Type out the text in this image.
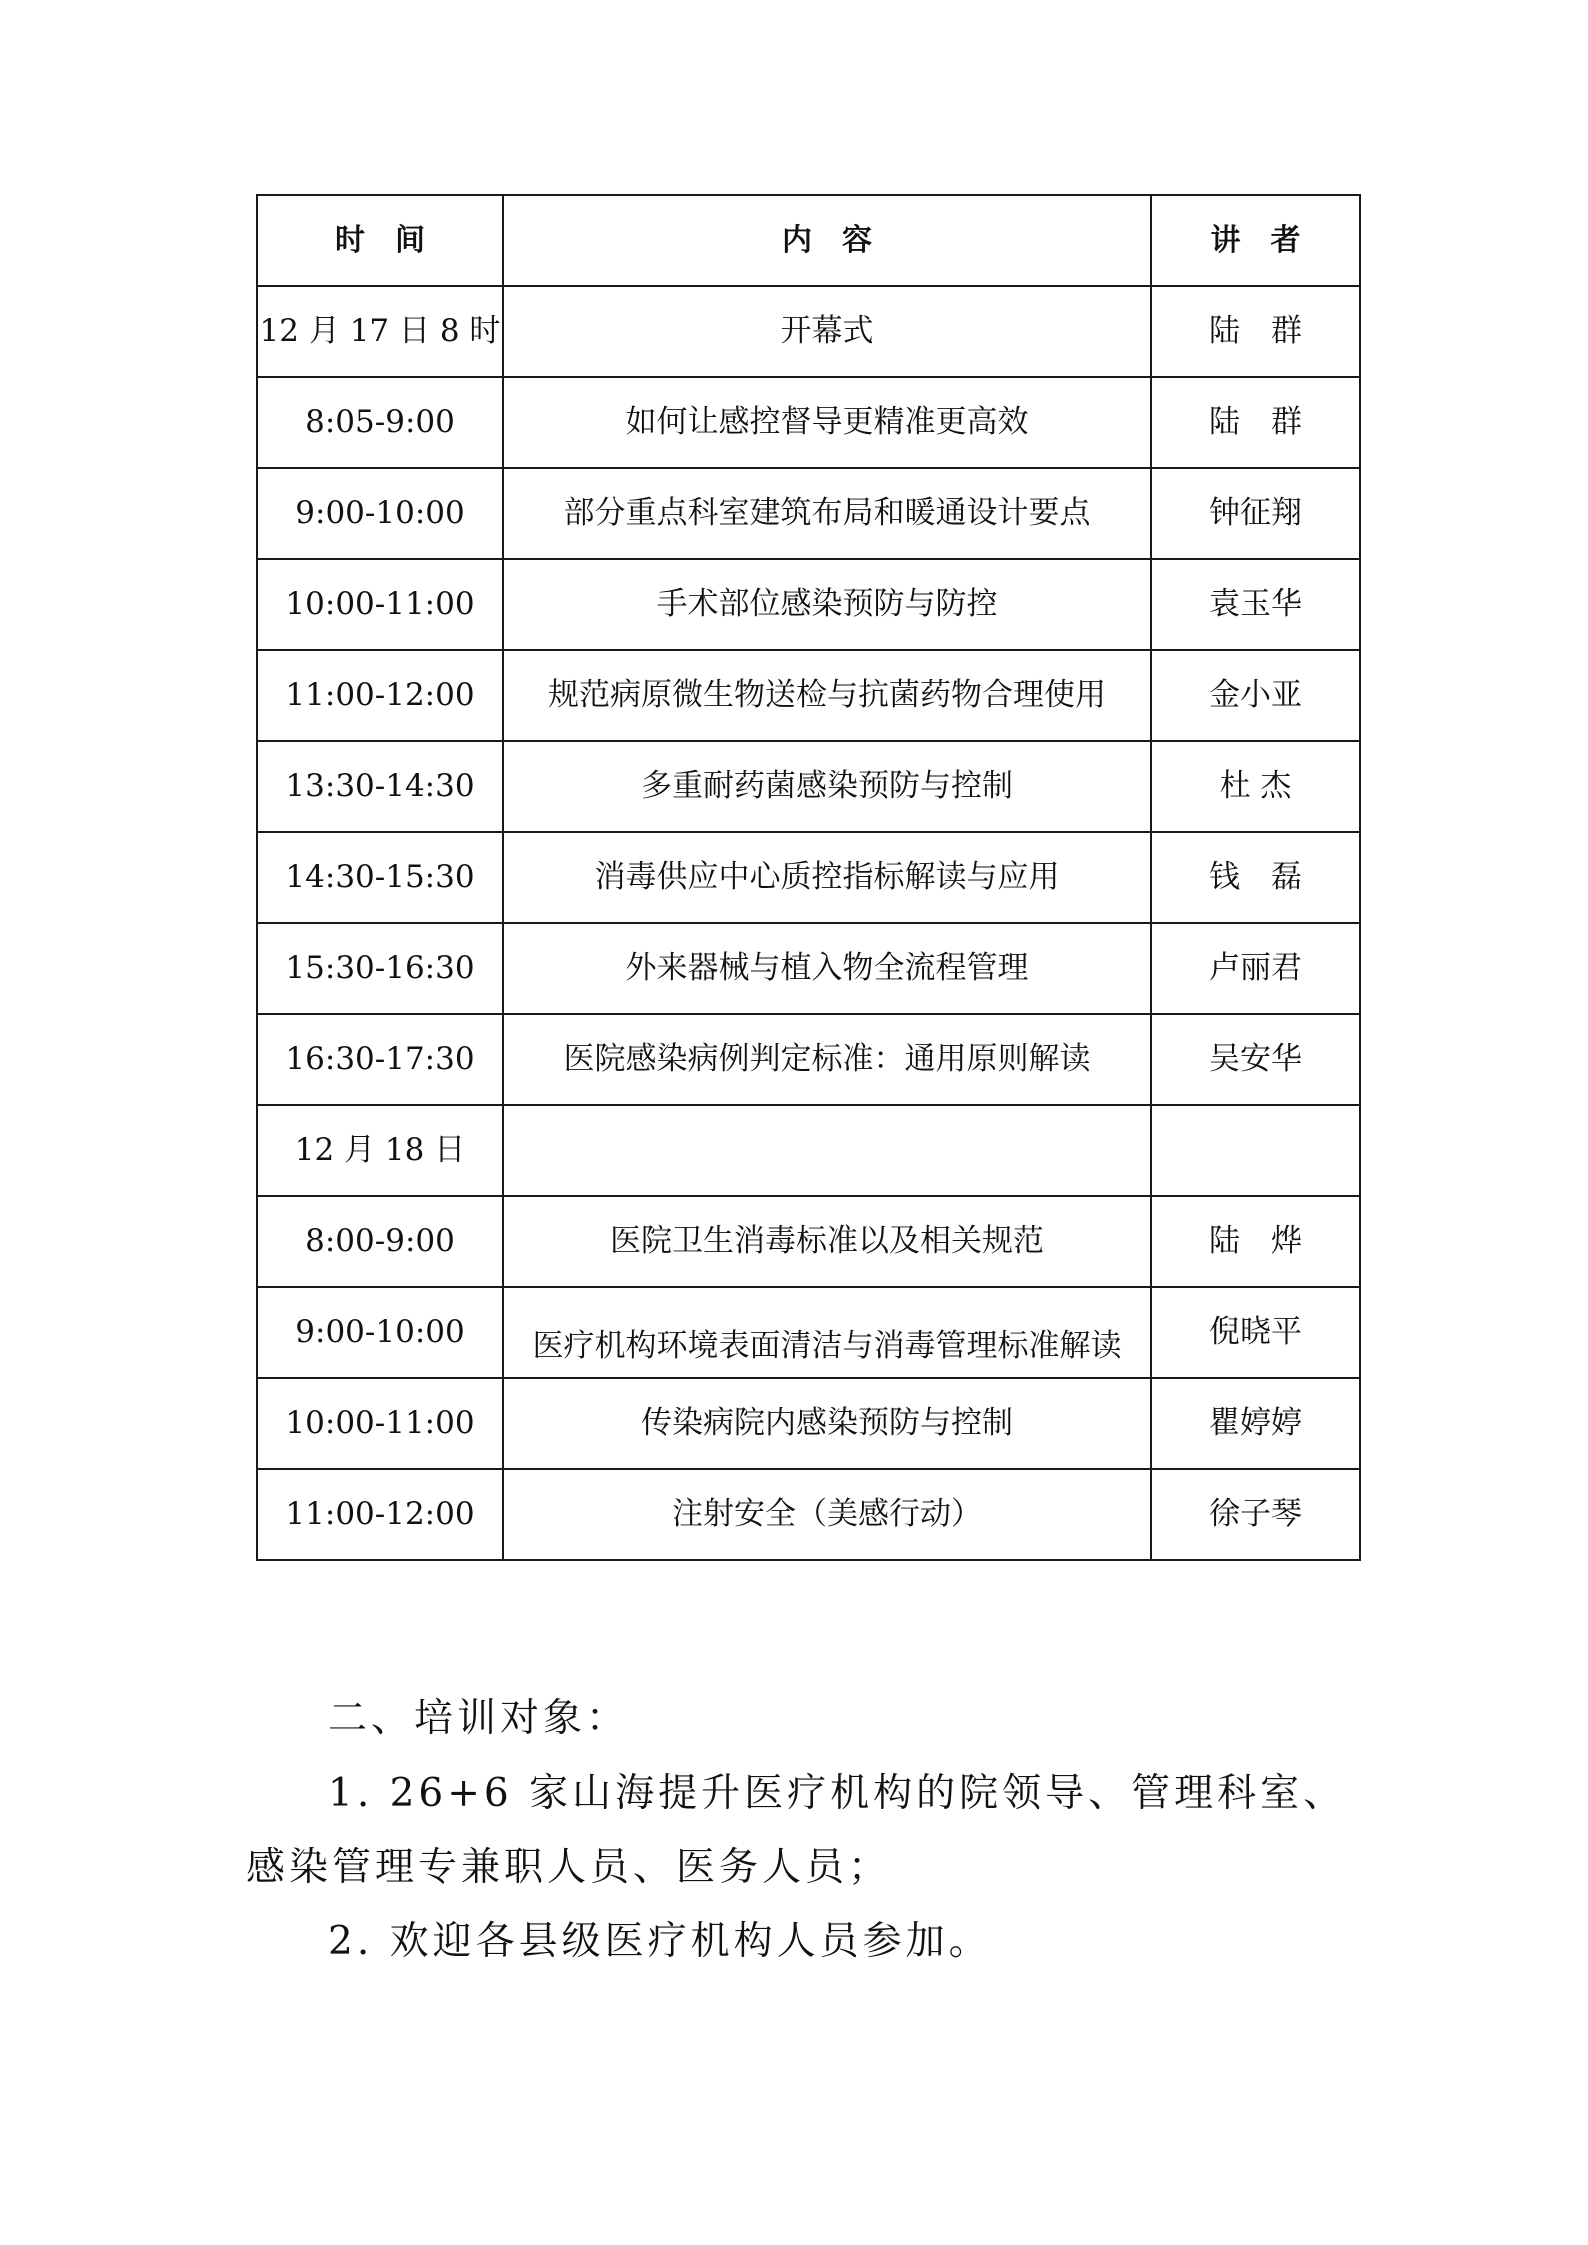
时　间	内　容	讲　者
12 月 17 日 8 时	开幕式	陆　群
8:05-9:00	如何让感控督导更精准更高效	陆　群
9:00-10:00	部分重点科室建筑布局和暖通设计要点	钟征翔
10:00-11:00	手术部位感染预防与防控	袁玉华
11:00-12:00	规范病原微生物送检与抗菌药物合理使用	金小亚
13:30-14:30	多重耐药菌感染预防与控制	杜 杰
14:30-15:30	消毒供应中心质控指标解读与应用	钱　磊
15:30-16:30	外来器械与植入物全流程管理	卢丽君
16:30-17:30	医院感染病例判定标准：通用原则解读	吴安华
12 月 18 日		
8:00-9:00	医院卫生消毒标准以及相关规范	陆　烨
9:00-10:00	医疗机构环境表面清洁与消毒管理标准解读	倪晓平
10:00-11:00	传染病院内感染预防与控制	瞿婷婷
11:00-12:00	注射安全（美感行动）	徐子琴

二、培训对象：

1. 26+6 家山海提升医疗机构的院领导、管理科室、感染管理专兼职人员、医务人员；

2. 欢迎各县级医疗机构人员参加。
